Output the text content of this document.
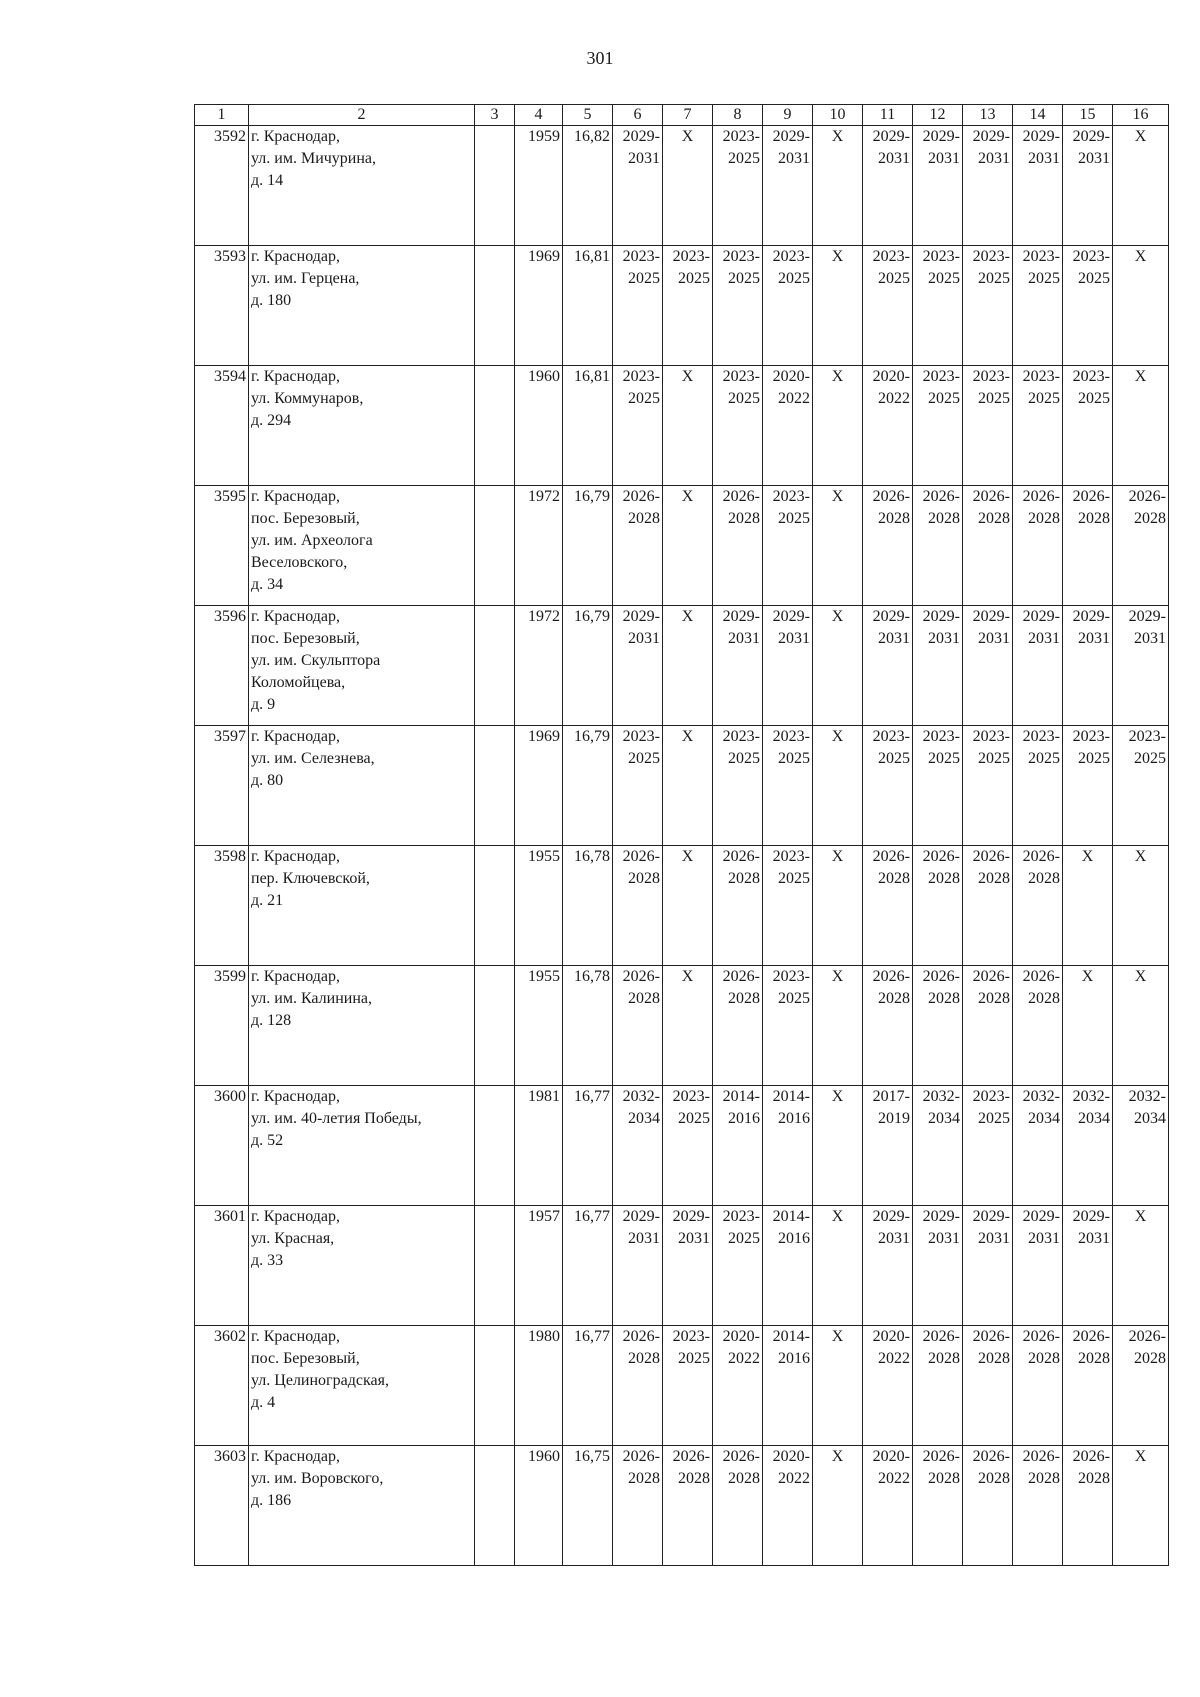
301
1	2	3	4	5	6	7	8	9	10	11	12	13	14	15	16
3592	г. Краснодар,
ул. им. Мичурина,
д. 14		1959	16,82	2029-
2031	X	2023-
2025	2029-
2031	X	2029-
2031	2029-
2031	2029-
2031	2029-
2031	2029-
2031	X
3593	г. Краснодар,
ул. им. Герцена,
д. 180		1969	16,81	2023-
2025	2023-
2025	2023-
2025	2023-
2025	X	2023-
2025	2023-
2025	2023-
2025	2023-
2025	2023-
2025	X
3594	г. Краснодар,
ул. Коммунаров,
д. 294		1960	16,81	2023-
2025	X	2023-
2025	2020-
2022	X	2020-
2022	2023-
2025	2023-
2025	2023-
2025	2023-
2025	X
3595	г. Краснодар,
пос. Березовый,
ул. им. Археолога
Веселовского,
д. 34		1972	16,79	2026-
2028	X	2026-
2028	2023-
2025	X	2026-
2028	2026-
2028	2026-
2028	2026-
2028	2026-
2028	2026-
2028

3596	г. Краснодар,
пос. Березовый,
ул. им. Скульптора
Коломойцева,
д. 9		1972	16,79	2029-
2031	X	2029-
2031	2029-
2031	X	2029-
2031	2029-
2031	2029-
2031	2029-
2031	2029-
2031	2029-
2031

3597	г. Краснодар,
ул. им. Селезнева,
д. 80		1969	16,79	2023-
2025	X	2023-
2025	2023-
2025	X	2023-
2025	2023-
2025	2023-
2025	2023-
2025	2023-
2025	2023-
2025

3598	г. Краснодар,
пер. Ключевской,
д. 21		1955	16,78	2026-
2028	X	2026-
2028	2023-
2025	X	2026-
2028	2026-
2028	2026-
2028	2026-
2028	X	X
3599	г. Краснодар,
ул. им. Калинина,
д. 128		1955	16,78	2026-
2028	X	2026-
2028	2023-
2025	X	2026-
2028	2026-
2028	2026-
2028	2026-
2028	X	X
3600	г. Краснодар,
ул. им. 40-летия Победы,
д. 52		1981	16,77	2032-
2034	2023-
2025	2014-
2016	2014-
2016	X	2017-
2019	2032-
2034	2023-
2025	2032-
2034	2032-
2034	2032-
2034

3601	г. Краснодар,
ул. Красная,
д. 33		1957	16,77	2029-
2031	2029-
2031	2023-
2025	2014-
2016	X	2029-
2031	2029-
2031	2029-
2031	2029-
2031	2029-
2031	X
3602	г. Краснодар,
пос. Березовый,
ул. Целиноградская,
д. 4		1980	16,77	2026-
2028	2023-
2025	2020-
2022	2014-
2016	X	2020-
2022	2026-
2028	2026-
2028	2026-
2028	2026-
2028	2026-
2028

3603	г. Краснодар,
ул. им. Воровского,
д. 186		1960	16,75	2026-
2028	2026-
2028	2026-
2028	2020-
2022	X	2020-
2022	2026-
2028	2026-
2028	2026-
2028	2026-
2028	X
